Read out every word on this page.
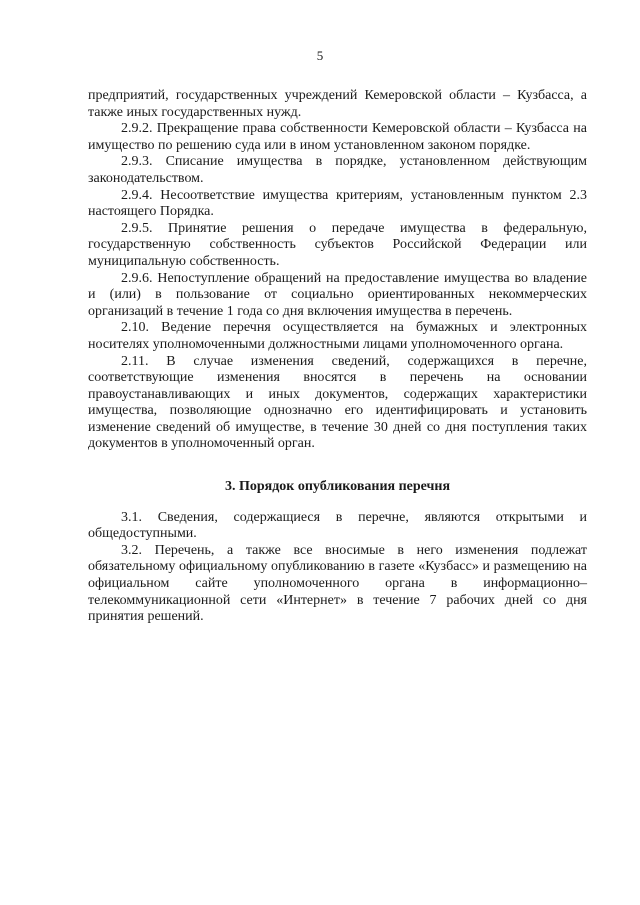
5

предприятий, государственных учреждений Кемеровской области – Кузбасса, а также иных государственных нужд.

2.9.2. Прекращение права собственности Кемеровской области – Кузбасса на имущество по решению суда или в ином установленном законом порядке.

2.9.3. Списание имущества в порядке, установленном действующим законодательством.

2.9.4. Несоответствие имущества критериям, установленным пунктом 2.3 настоящего Порядка.

2.9.5. Принятие решения о передаче имущества в федеральную, государственную собственность субъектов Российской Федерации или муниципальную собственность.

2.9.6. Непоступление обращений на предоставление имущества во владение и (или) в пользование от социально ориентированных некоммерческих организаций в течение 1 года со дня включения имущества в перечень.

2.10. Ведение перечня осуществляется на бумажных и электронных носителях уполномоченными должностными лицами уполномоченного органа.

2.11. В случае изменения сведений, содержащихся в перечне, соответствующие изменения вносятся в перечень на основании правоустанавливающих и иных документов, содержащих характеристики имущества, позволяющие однозначно его идентифицировать и установить изменение сведений об имуществе, в течение 30 дней со дня поступления таких документов в уполномоченный орган.

3. Порядок опубликования перечня

3.1. Сведения, содержащиеся в перечне, являются открытыми и общедоступными.

3.2. Перечень, а также все вносимые в него изменения подлежат обязательному официальному опубликованию в газете «Кузбасс» и размещению на официальном сайте уполномоченного органа в информационно–телекоммуникационной сети «Интернет» в течение 7 рабочих дней со дня принятия решений.
